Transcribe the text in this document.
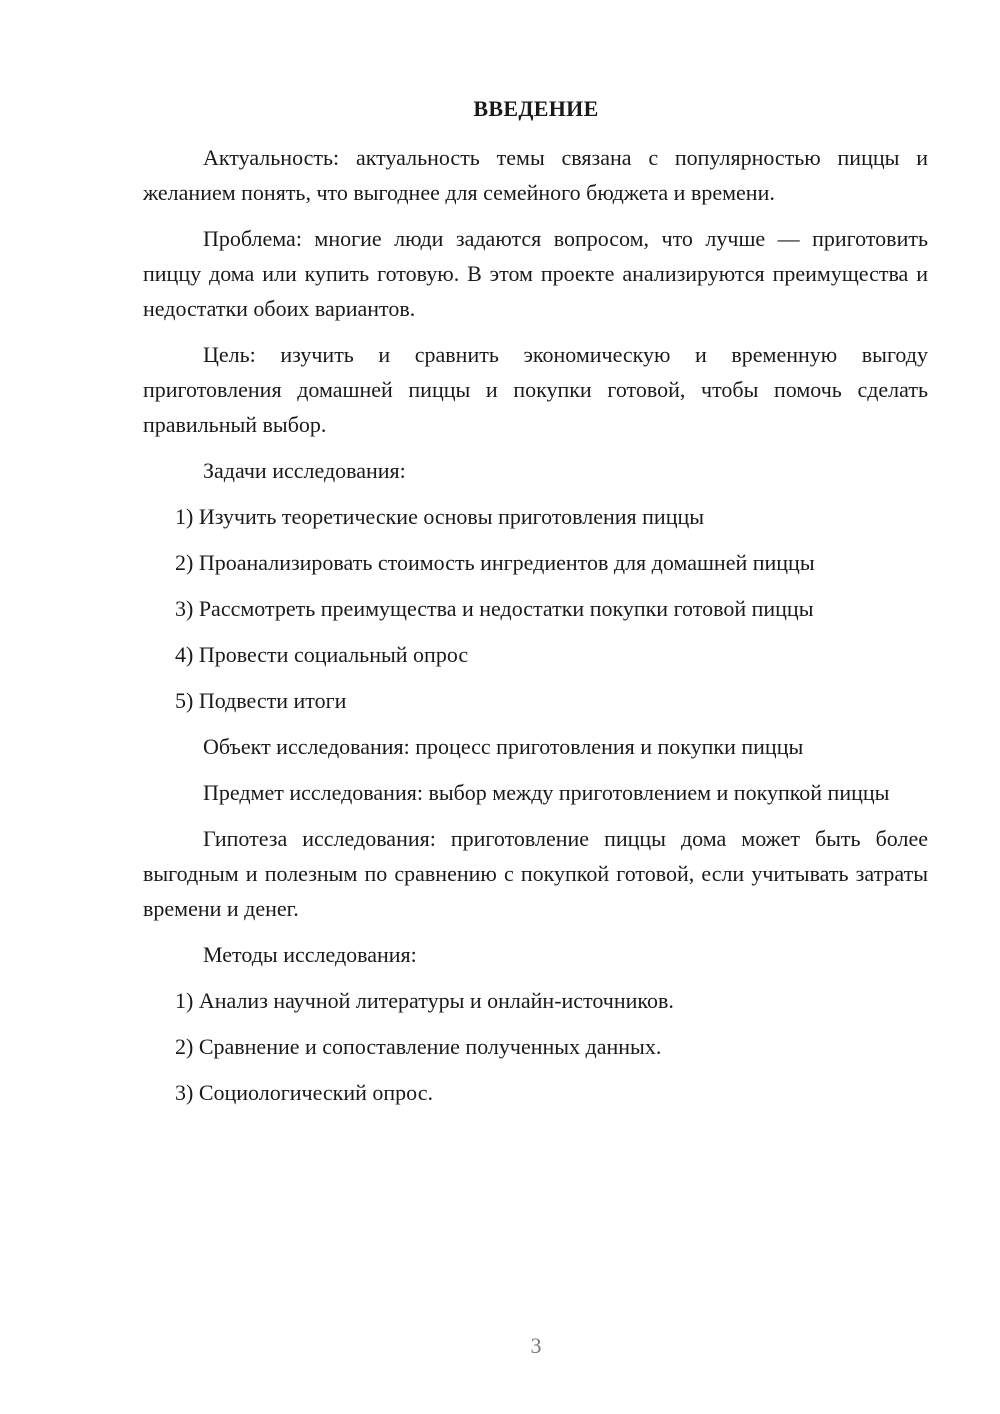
ВВЕДЕНИЕ

Актуальность: актуальность темы связана с популярностью пиццы и желанием понять, что выгоднее для семейного бюджета и времени.

Проблема: многие люди задаются вопросом, что лучше — приготовить пиццу дома или купить готовую. В этом проекте анализируются преимущества и недостатки обоих вариантов.

Цель: изучить и сравнить экономическую и временную выгоду приготовления домашней пиццы и покупки готовой, чтобы помочь сделать правильный выбор.

Задачи исследования:

1) Изучить теоретические основы приготовления пиццы
2) Проанализировать стоимость ингредиентов для домашней пиццы
3) Рассмотреть преимущества и недостатки покупки готовой пиццы
4) Провести социальный опрос
5) Подвести итоги

Объект исследования: процесс приготовления и покупки пиццы

Предмет исследования: выбор между приготовлением и покупкой пиццы

Гипотеза исследования: приготовление пиццы дома может быть более выгодным и полезным по сравнению с покупкой готовой, если учитывать затраты времени и денег.

Методы исследования:

1) Анализ научной литературы и онлайн-источников.
2) Сравнение и сопоставление полученных данных.
3) Социологический опрос.
3
